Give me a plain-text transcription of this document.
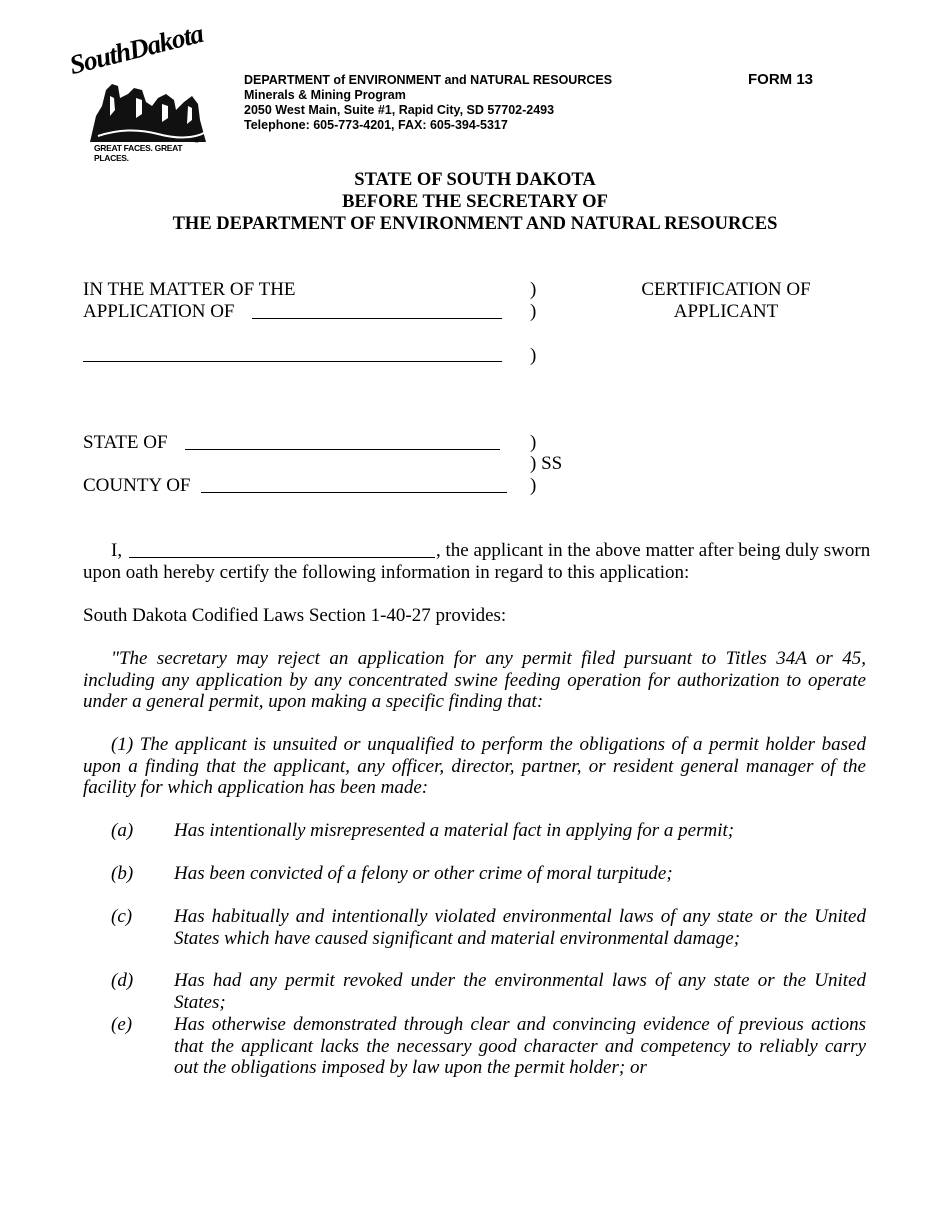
SouthDakota
GREAT FACES. GREAT PLACES.
®
DEPARTMENT of ENVIRONMENT and NATURAL RESOURCES
Minerals & Mining Program
2050 West Main, Suite #1, Rapid City, SD 57702-2493
Telephone: 605-773-4201, FAX: 605-394-5317
FORM 13
STATE OF SOUTH DAKOTA
BEFORE THE SECRETARY OF
THE DEPARTMENT OF ENVIRONMENT AND NATURAL RESOURCES
IN THE MATTER OF THE
APPLICATION OF
)
)
)
CERTIFICATION OF
APPLICANT
STATE OF
COUNTY OF
)
) SS
)
I,	, the applicant in the above matter after being duly sworn
upon oath hereby certify the following information in regard to this application:
South Dakota Codified Laws Section 1-40-27 provides:
"The secretary may reject an application for any permit filed pursuant to Titles 34A or 45, including any application by any concentrated swine feeding operation for authorization to operate under a general permit, upon making a specific finding that:
(1) The applicant is unsuited or unqualified to perform the obligations of a permit holder based upon a finding that the applicant, any officer, director, partner, or resident general manager of the facility for which application has been made:
(a) Has intentionally misrepresented a material fact in applying for a permit;
(b) Has been convicted of a felony or other crime of moral turpitude;
(c) Has habitually and intentionally violated environmental laws of any state or the United States which have caused significant and material environmental damage;
(d) Has had any permit revoked under the environmental laws of any state or the United States;
(e) Has otherwise demonstrated through clear and convincing evidence of previous actions that the applicant lacks the necessary good character and competency to reliably carry out the obligations imposed by law upon the permit holder; or
